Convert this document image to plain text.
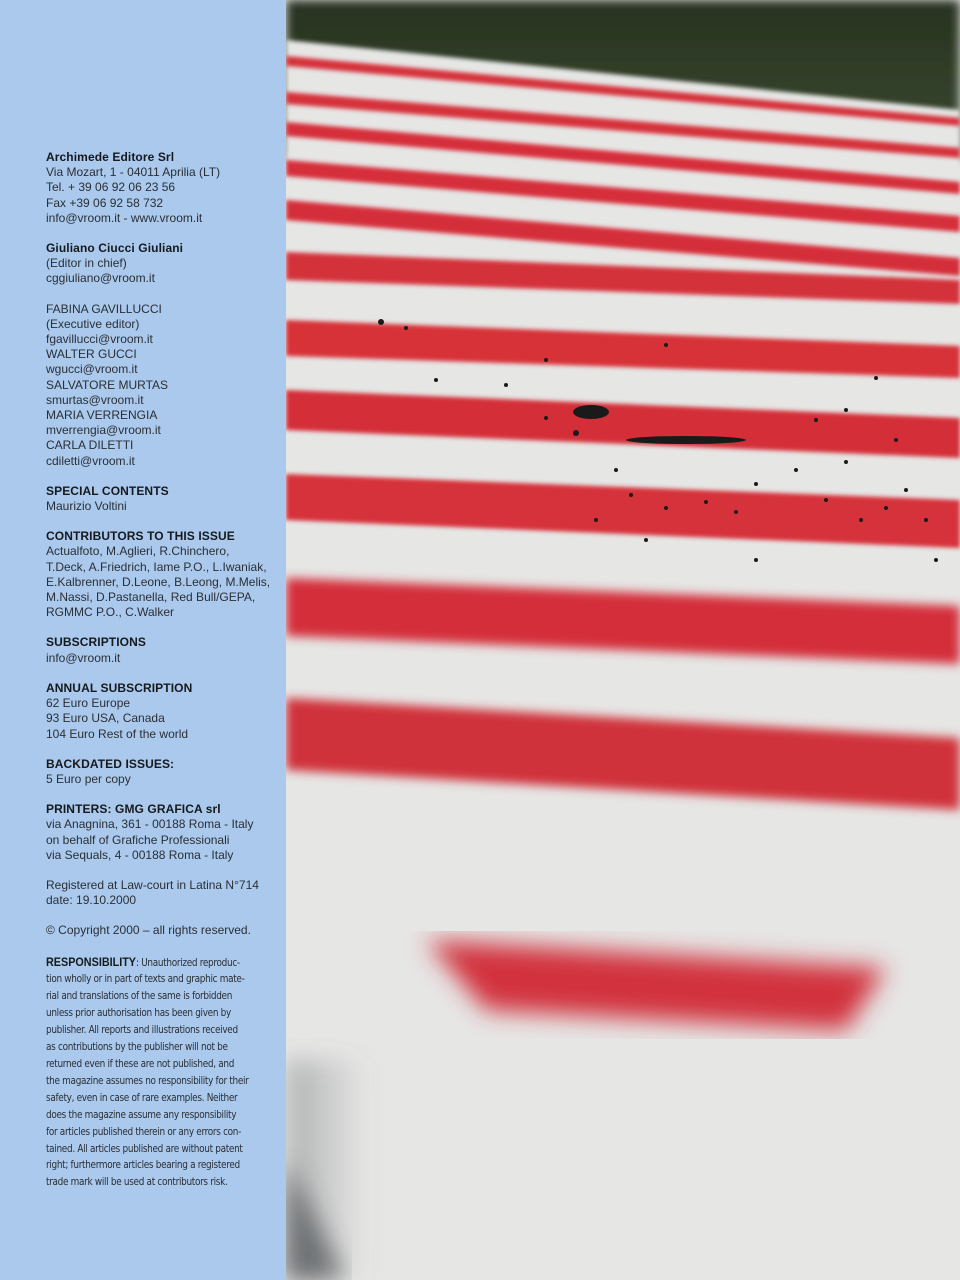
Archimede Editore Srl
Via Mozart, 1 - 04011 Aprilia (LT)
Tel. + 39 06 92 06 23 56
Fax +39 06 92 58 732
info@vroom.it - www.vroom.it
Giuliano Ciucci Giuliani
(Editor in chief)
cggiuliano@vroom.it
FABINA GAVILLUCCI
(Executive editor)
fgavillucci@vroom.it
WALTER GUCCI
wgucci@vroom.it
SALVATORE MURTAS
smurtas@vroom.it
MARIA VERRENGIA
mverrengia@vroom.it
CARLA DILETTI
cdiletti@vroom.it
SPECIAL CONTENTS
Maurizio Voltini
CONTRIBUTORS TO THIS ISSUE
Actualfoto, M.Aglieri, R.Chinchero,
T.Deck, A.Friedrich, Iame P.O., L.Iwaniak,
E.Kalbrenner, D.Leone, B.Leong, M.Melis,
M.Nassi, D.Pastanella, Red Bull/GEPA,
RGMMC P.O., C.Walker
SUBSCRIPTIONS
info@vroom.it
ANNUAL SUBSCRIPTION
62 Euro Europe
93 Euro USA, Canada
104 Euro Rest of the world
BACKDATED ISSUES:
5 Euro per copy
PRINTERS: GMG GRAFICA srl
via Anagnina, 361 - 00188 Roma - Italy
on behalf of Grafiche Professionali
via Sequals, 4 - 00188 Roma - Italy
Registered at Law-court in Latina N°714
date: 19.10.2000
© Copyright 2000 – all rights reserved.
RESPONSIBILITY: Unauthorized reproduc-
tion wholly or in part of texts and graphic mate-
rial and translations of the same is forbidden
unless prior authorisation has been given by
publisher. All reports and illustrations received
as contributions by the publisher will not be
returned even if these are not published, and
the magazine assumes no responsibility for their
safety, even in case of rare examples. Neither
does the magazine assume any responsibility
for articles published therein or any errors con-
tained. All articles published are without patent
right; furthermore articles bearing a registered
trade mark will be used at contributors risk.
